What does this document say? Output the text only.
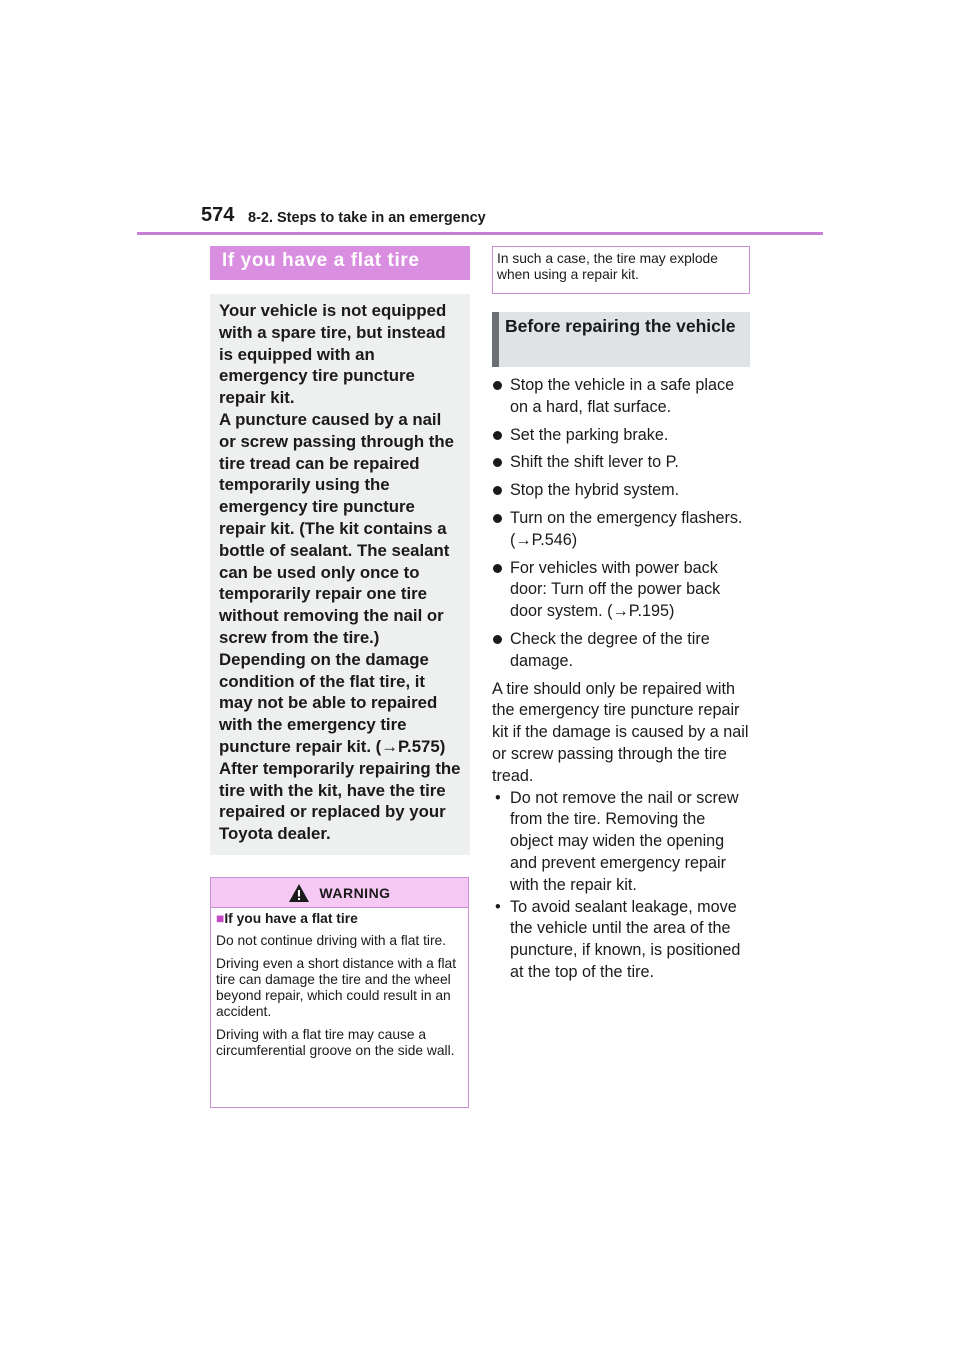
574 8-2. Steps to take in an emergency
If you have a flat tire

Your vehicle is not equipped with a spare tire, but instead is equipped with an emergency tire puncture repair kit.

A puncture caused by a nail or screw passing through the tire tread can be repaired temporarily using the emergency tire puncture repair kit. (The kit contains a bottle of sealant. The sealant can be used only once to temporarily repair one tire without removing the nail or screw from the tire.)

Depending on the damage condition of the flat tire, it may not be able to repaired with the emergency tire puncture repair kit. (→P.575)

After temporarily repairing the tire with the kit, have the tire repaired or replaced by your Toyota dealer.

WARNING
■If you have a flat tire

Do not continue driving with a flat tire.

Driving even a short distance with a flat tire can damage the tire and the wheel beyond repair, which could result in an accident.

Driving with a flat tire may cause a circumferential groove on the side wall.

In such a case, the tire may explode when using a repair kit.
Before repairing the vehicle
Stop the vehicle in a safe place on a hard, flat surface.
Set the parking brake.
Shift the shift lever to P.
Stop the hybrid system.
Turn on the emergency flashers. (→P.546)
For vehicles with power back door: Turn off the power back door system. (→P.195)
Check the degree of the tire damage.

A tire should only be repaired with the emergency tire puncture repair kit if the damage is caused by a nail or screw passing through the tire tread.

• Do not remove the nail or screw from the tire. Removing the object may widen the opening and prevent emergency repair with the repair kit.
• To avoid sealant leakage, move the vehicle until the area of the puncture, if known, is positioned at the top of the tire.
